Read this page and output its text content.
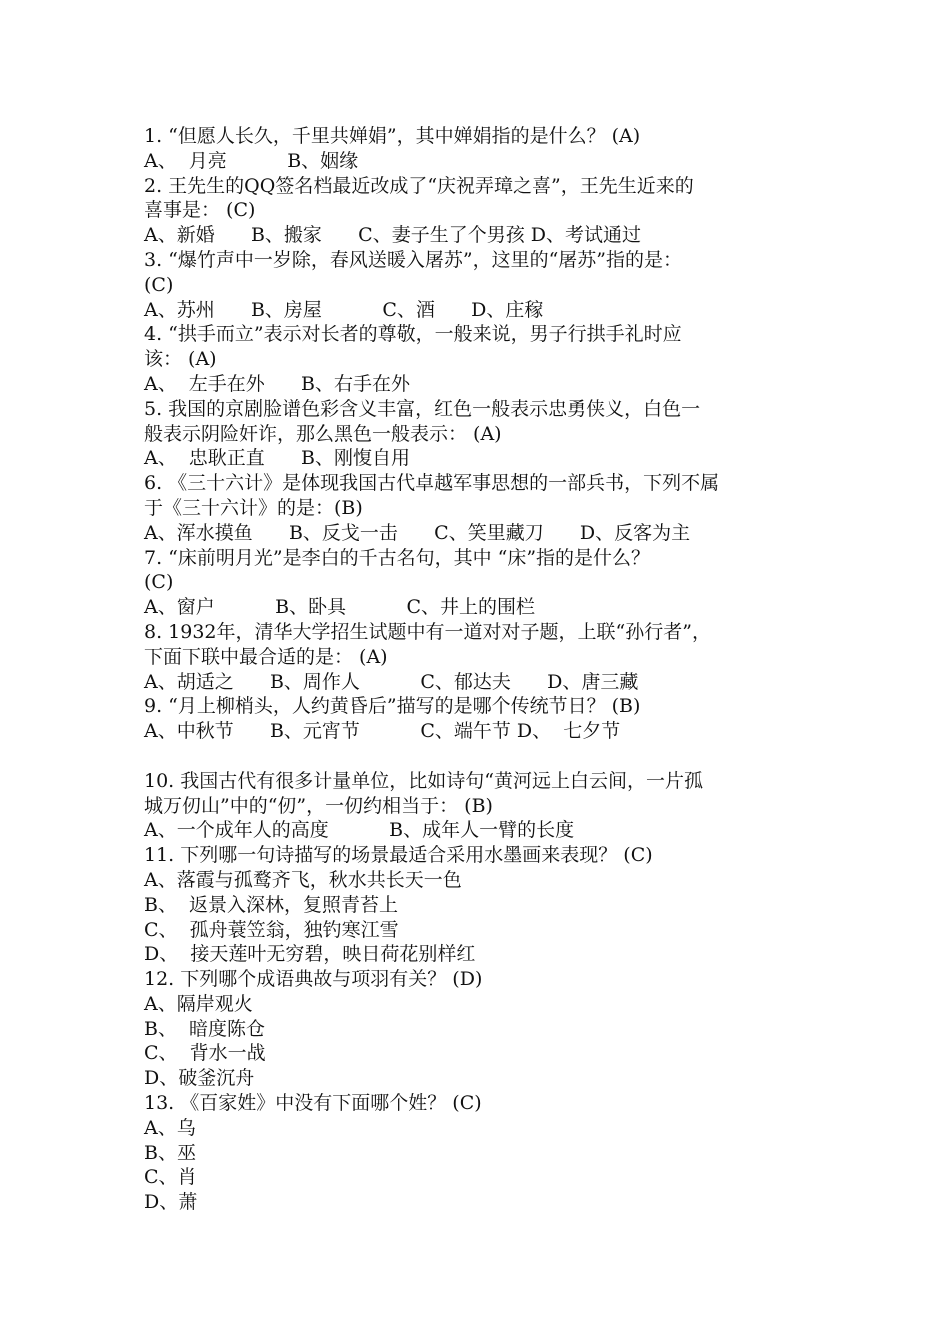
1. “但愿人长久，千里共婵娟”，其中婵娟指的是什么？ (A)
A、  月亮          B、姻缘
2. 王先生的QQ签名档最近改成了“庆祝弄璋之喜”，王先生近来的
喜事是： (C)
A、新婚      B、搬家      C、妻子生了个男孩 D、考试通过
3. “爆竹声中一岁除，春风送暖入屠苏”，这里的“屠苏”指的是：
(C)
A、苏州      B、房屋          C、酒      D、庄稼
4. “拱手而立”表示对长者的尊敬，一般来说，男子行拱手礼时应
该： (A)
A、  左手在外      B、右手在外
5. 我国的京剧脸谱色彩含义丰富，红色一般表示忠勇侠义，白色一
般表示阴险奸诈，那么黑色一般表示： (A)
A、  忠耿正直      B、刚愎自用
6. 《三十六计》是体现我国古代卓越军事思想的一部兵书，下列不属
于《三十六计》的是：(B)
A、浑水摸鱼      B、反戈一击      C、笑里藏刀      D、反客为主
7. “床前明月光”是李白的千古名句，其中 “床”指的是什么？
(C)
A、窗户          B、卧具          C、井上的围栏
8. 1932年，清华大学招生试题中有一道对对子题，上联“孙行者”，
下面下联中最合适的是： (A)
A、胡适之      B、周作人          C、郁达夫      D、唐三藏
9. “月上柳梢头，人约黄昏后”描写的是哪个传统节日？ (B)
A、中秋节      B、元宵节          C、端午节 D、  七夕节
10. 我国古代有很多计量单位，比如诗句“黄河远上白云间，一片孤
城万仞山”中的“仞”，一仞约相当于： (B)
A、一个成年人的高度          B、成年人一臂的长度
11. 下列哪一句诗描写的场景最适合采用水墨画来表现？ (C)
A、落霞与孤鹜齐飞，秋水共长天一色
B、  返景入深林，复照青苔上
C、  孤舟蓑笠翁，独钓寒江雪
D、  接天莲叶无穷碧，映日荷花别样红
12. 下列哪个成语典故与项羽有关？ (D)
A、隔岸观火
B、  暗度陈仓
C、  背水一战
D、破釜沉舟
13. 《百家姓》中没有下面哪个姓？ (C)
A、乌
B、巫
C、肖
D、萧
